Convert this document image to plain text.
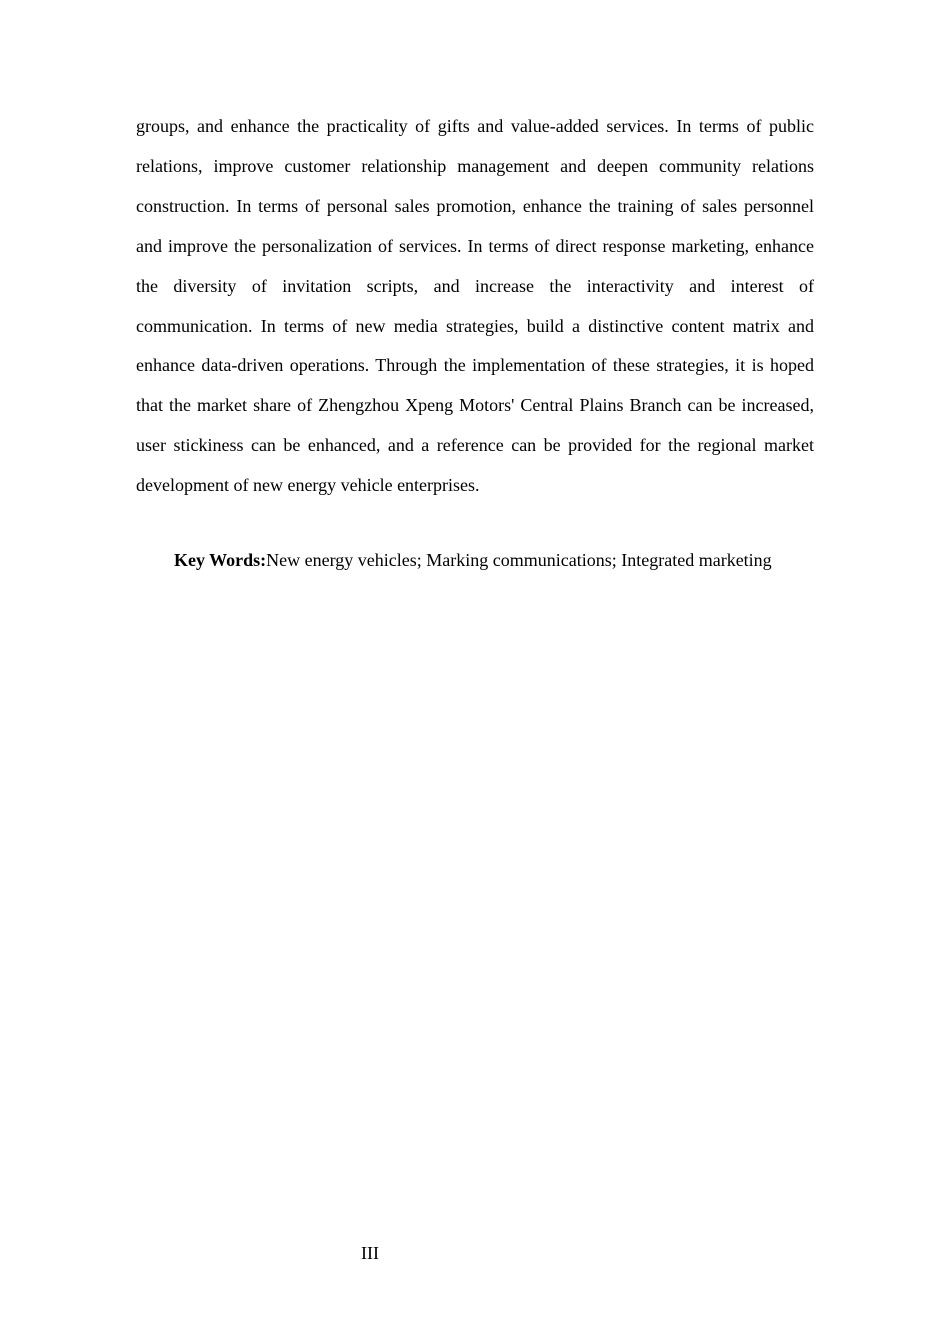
groups, and enhance the practicality of gifts and value-added services. In terms of public relations, improve customer relationship management and deepen community relations construction. In terms of personal sales promotion, enhance the training of sales personnel and improve the personalization of services. In terms of direct response marketing, enhance the diversity of invitation scripts, and increase the interactivity and interest of communication. In terms of new media strategies, build a distinctive content matrix and enhance data-driven operations. Through the implementation of these strategies, it is hoped that the market share of Zhengzhou Xpeng Motors' Central Plains Branch can be increased, user stickiness can be enhanced, and a reference can be provided for the regional market development of new energy vehicle enterprises.

Key Words:New energy vehicles; Marking communications; Integrated marketing

III
